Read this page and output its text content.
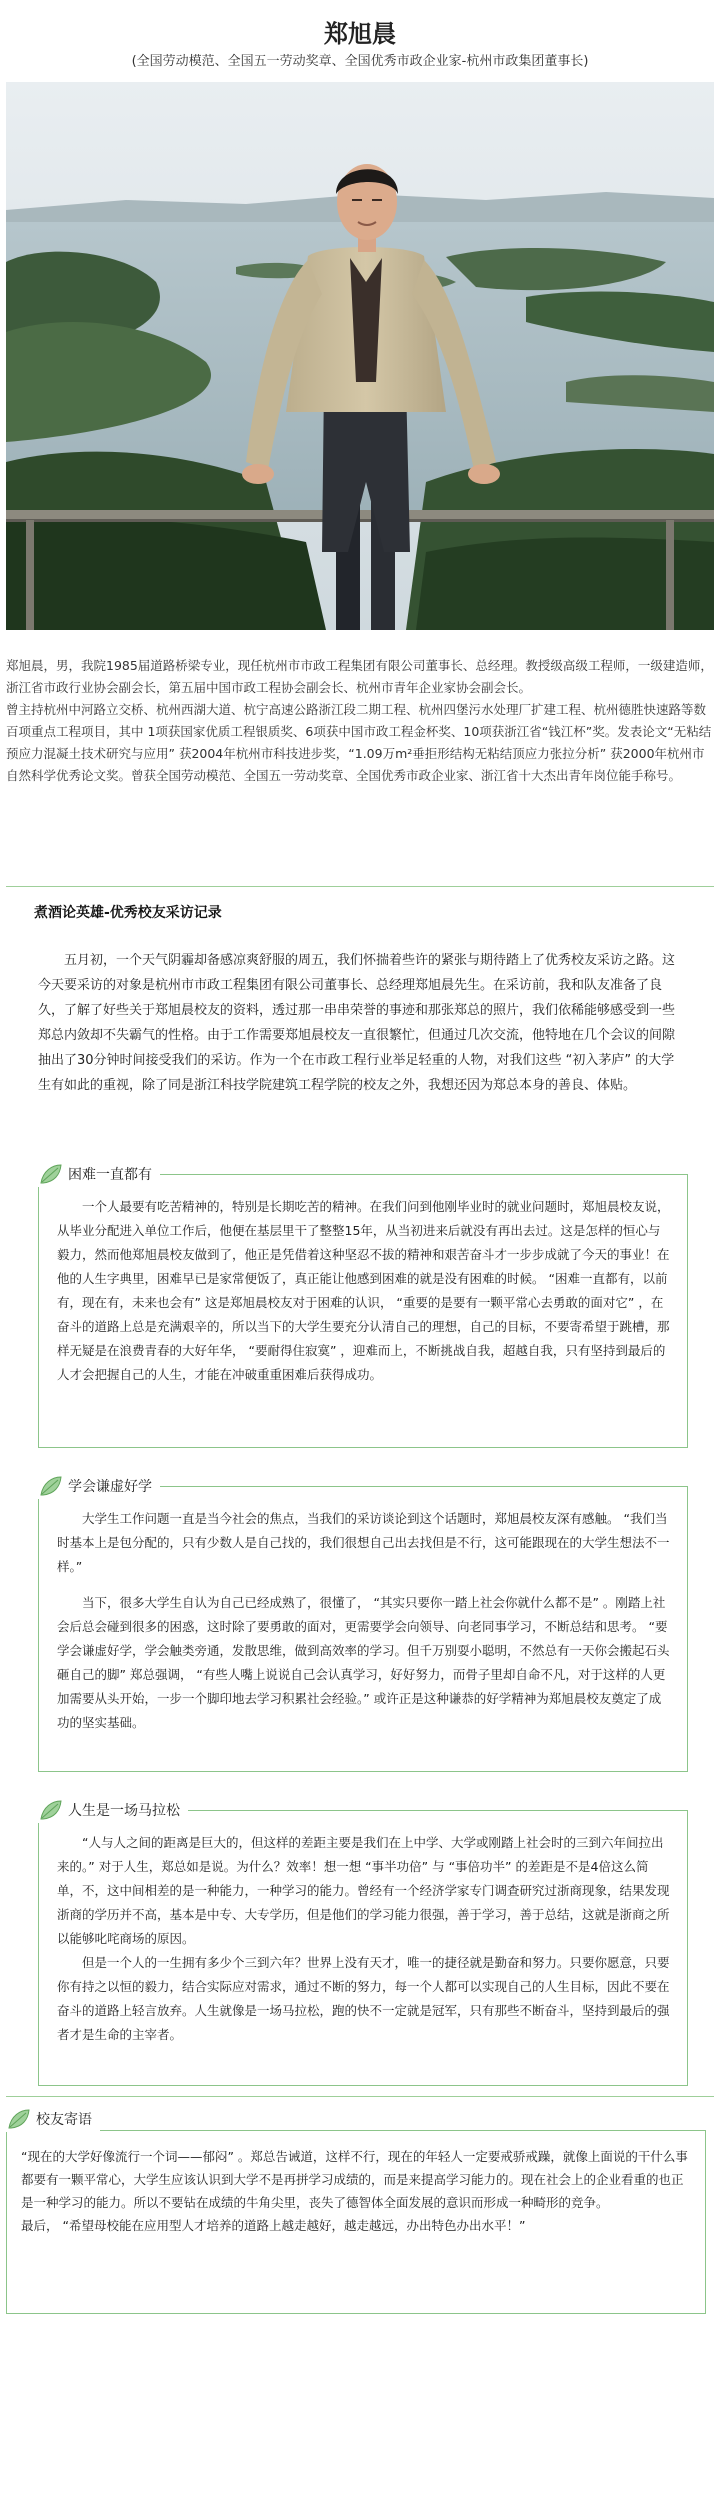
郑旭晨
(全国劳动模范、全国五一劳动奖章、全国优秀市政企业家-杭州市政集团董事长)

郑旭晨，男，我院1985届道路桥梁专业，现任杭州市市政工程集团有限公司董事长、总经理。教授级高级工程师，一级建造师，浙江省市政行业协会副会长，第五届中国市政工程协会副会长、杭州市青年企业家协会副会长。

曾主持杭州中河路立交桥、杭州西湖大道、杭宁高速公路浙江段二期工程、杭州四堡污水处理厂扩建工程、杭州德胜快速路等数百项重点工程项目，其中 1项获国家优质工程银质奖、6项获中国市政工程金杯奖、10项获浙江省“钱江杯”奖。发表论文“无粘结预应力混凝土技术研究与应用” 获2004年杭州市科技进步奖，“1.09万m²垂拒形结构无粘结顶应力张拉分析” 获2000年杭州市自然科学优秀论文奖。曾获全国劳动模范、全国五一劳动奖章、全国优秀市政企业家、浙江省十大杰出青年岗位能手称号。

煮酒论英雄-优秀校友采访记录

五月初，一个天气阴霾却备感凉爽舒服的周五，我们怀揣着些许的紧张与期待踏上了优秀校友采访之路。这今天要采访的对象是杭州市市政工程集团有限公司董事长、总经理郑旭晨先生。在采访前，我和队友准备了良久，了解了好些关于郑旭晨校友的资料，透过那一串串荣誉的事迹和那张郑总的照片，我们依稀能够感受到一些郑总内敛却不失霸气的性格。由于工作需要郑旭晨校友一直很繁忙，但通过几次交流，他特地在几个会议的间隙抽出了30分钟时间接受我们的采访。作为一个在市政工程行业举足轻重的人物，对我们这些 “初入茅庐” 的大学生有如此的重视，除了同是浙江科技学院建筑工程学院的校友之外，我想还因为郑总本身的善良、体贴。

一个人最要有吃苦精神的，特别是长期吃苦的精神。在我们问到他刚毕业时的就业问题时，郑旭晨校友说，从毕业分配进入单位工作后，他便在基层里干了整整15年，从当初进来后就没有再出去过。这是怎样的恒心与毅力，然而他郑旭晨校友做到了，他正是凭借着这种坚忍不拔的精神和艰苦奋斗才一步步成就了今天的事业！在他的人生字典里，困难早已是家常便饭了，真正能让他感到困难的就是没有困难的时候。 “困难一直都有，以前有，现在有，未来也会有” 这是郑旭晨校友对于困难的认识， “重要的是要有一颗平常心去勇敢的面对它” ，在奋斗的道路上总是充满艰辛的，所以当下的大学生要充分认清自己的理想，自己的目标，不要寄希望于跳槽，那样无疑是在浪费青春的大好年华， “要耐得住寂寞” ，迎难而上，不断挑战自我，超越自我，只有坚持到最后的人才会把握自己的人生，才能在冲破重重困难后获得成功。

困难一直都有

大学生工作问题一直是当今社会的焦点，当我们的采访谈论到这个话题时，郑旭晨校友深有感触。 “我们当时基本上是包分配的，只有少数人是自己找的，我们很想自己出去找但是不行，这可能跟现在的大学生想法不一样。”

当下，很多大学生自认为自己已经成熟了，很懂了， “其实只要你一踏上社会你就什么都不是” 。刚踏上社会后总会碰到很多的困惑，这时除了要勇敢的面对，更需要学会向领导、向老同事学习，不断总结和思考。 “要学会谦虚好学，学会触类旁通，发散思维，做到高效率的学习。但千万别耍小聪明，不然总有一天你会搬起石头砸自己的脚” 郑总强调， “有些人嘴上说说自己会认真学习，好好努力，而骨子里却自命不凡，对于这样的人更加需要从头开始，一步一个脚印地去学习积累社会经验。” 或许正是这种谦恭的好学精神为郑旭晨校友奠定了成功的坚实基础。

学会谦虚好学

“人与人之间的距离是巨大的，但这样的差距主要是我们在上中学、大学或刚踏上社会时的三到六年间拉出来的。” 对于人生，郑总如是说。为什么？效率！想一想 “事半功倍” 与 “事倍功半” 的差距是不是4倍这么简单，不，这中间相差的是一种能力，一种学习的能力。曾经有一个经济学家专门调查研究过浙商现象，结果发现浙商的学历并不高，基本是中专、大专学历，但是他们的学习能力很强，善于学习，善于总结，这就是浙商之所以能够叱咤商场的原因。

但是一个人的一生拥有多少个三到六年？世界上没有天才，唯一的捷径就是勤奋和努力。只要你愿意，只要你有持之以恒的毅力，结合实际应对需求，通过不断的努力，每一个人都可以实现自己的人生目标，因此不要在奋斗的道路上轻言放弃。人生就像是一场马拉松，跑的快不一定就是冠军，只有那些不断奋斗，坚持到最后的强者才是生命的主宰者。

人生是一场马拉松

“现在的大学好像流行一个词——郁闷” 。郑总告诫道，这样不行，现在的年轻人一定要戒骄戒躁，就像上面说的干什么事都要有一颗平常心，大学生应该认识到大学不是再拼学习成绩的，而是来提高学习能力的。现在社会上的企业看重的也正是一种学习的能力。所以不要钻在成绩的牛角尖里，丧失了德智体全面发展的意识而形成一种畸形的竞争。

最后， “希望母校能在应用型人才培养的道路上越走越好，越走越远，办出特色办出水平！”

校友寄语
